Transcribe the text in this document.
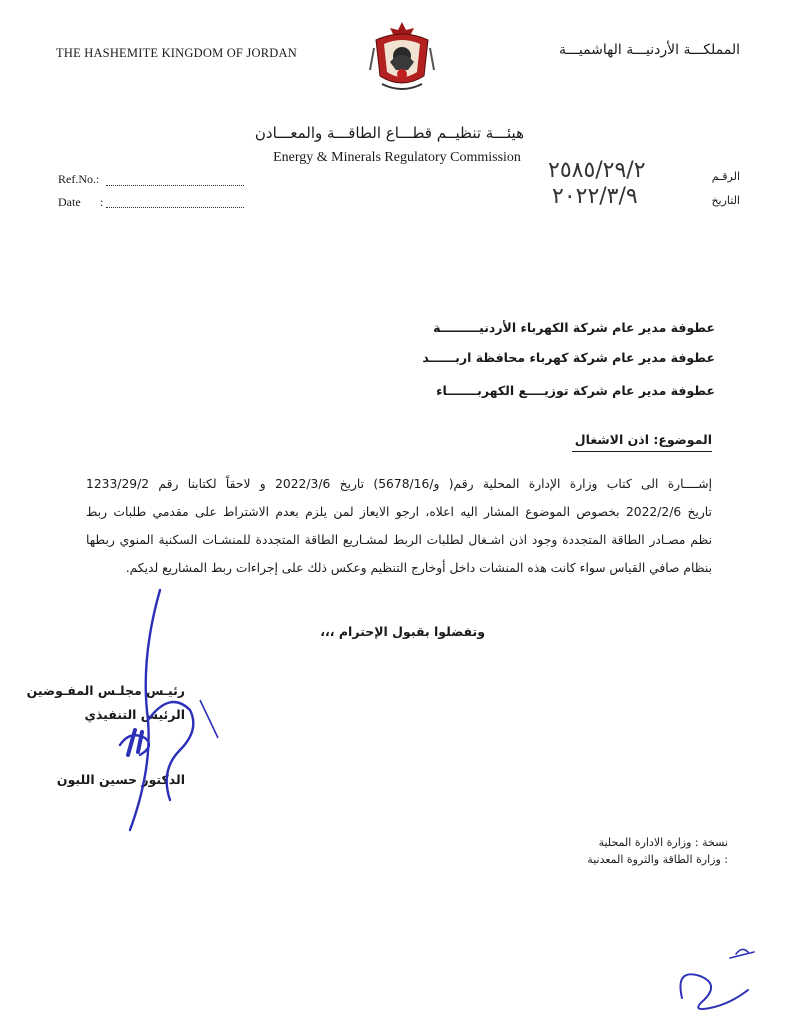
THE HASHEMITE KINGDOM OF JORDAN	المملكـــة الأردنيـــة الهاشميـــة
هيئـــة تنظيــم قطـــاع الطاقـــة والمعـــادن
Energy & Minerals Regulatory Commission
Ref.No.:
Date :
الرقـم
التاريخ
٢٥٨٥/٢٩/٢
٢٠٢٢/٣/٩
عطوفة مدير عام شركة الكهرباء الأردنيـــــــــة
عطوفة مدير عام شركة كهرباء محافظة اربــــــد
عطوفة مدير عام شركة توزيــــع الكهربـــــــاء
الموضوع: اذن الاشغال
إشــــارة الى كتاب وزارة الإدارة المحلية رقم( و/5678/16) تاريخ 2022/3/6 و لاحقاً لكتابنا رقم 1233/29/2
تاريخ 2022/2/6 بخصوص الموضوع المشار اليه اعلاه، ارجو الايعاز لمن يلزم بعدم الاشتراط على مقدمي طلبات ربط
نظم مصـادر الطاقة المتجددة وجود اذن اشـغال لطلبات الربط لمشـاريع الطاقة المتجددة للمنشـات السكنية المنوي ربطها
بنظام صافي القياس سواء كانت هذه المنشات داخل أوخارج التنظيم وعكس ذلك على إجراءات ربط المشاريع لديكم.
وتفضلوا بقبول الإحترام ،،،
رئيـس مجلـس المفـوضين
الرئيس التنفيذي
الدكتور حسين اللبون
نسخة : وزارة الادارة المحلية
: وزارة الطاقة والثروة المعدنية
